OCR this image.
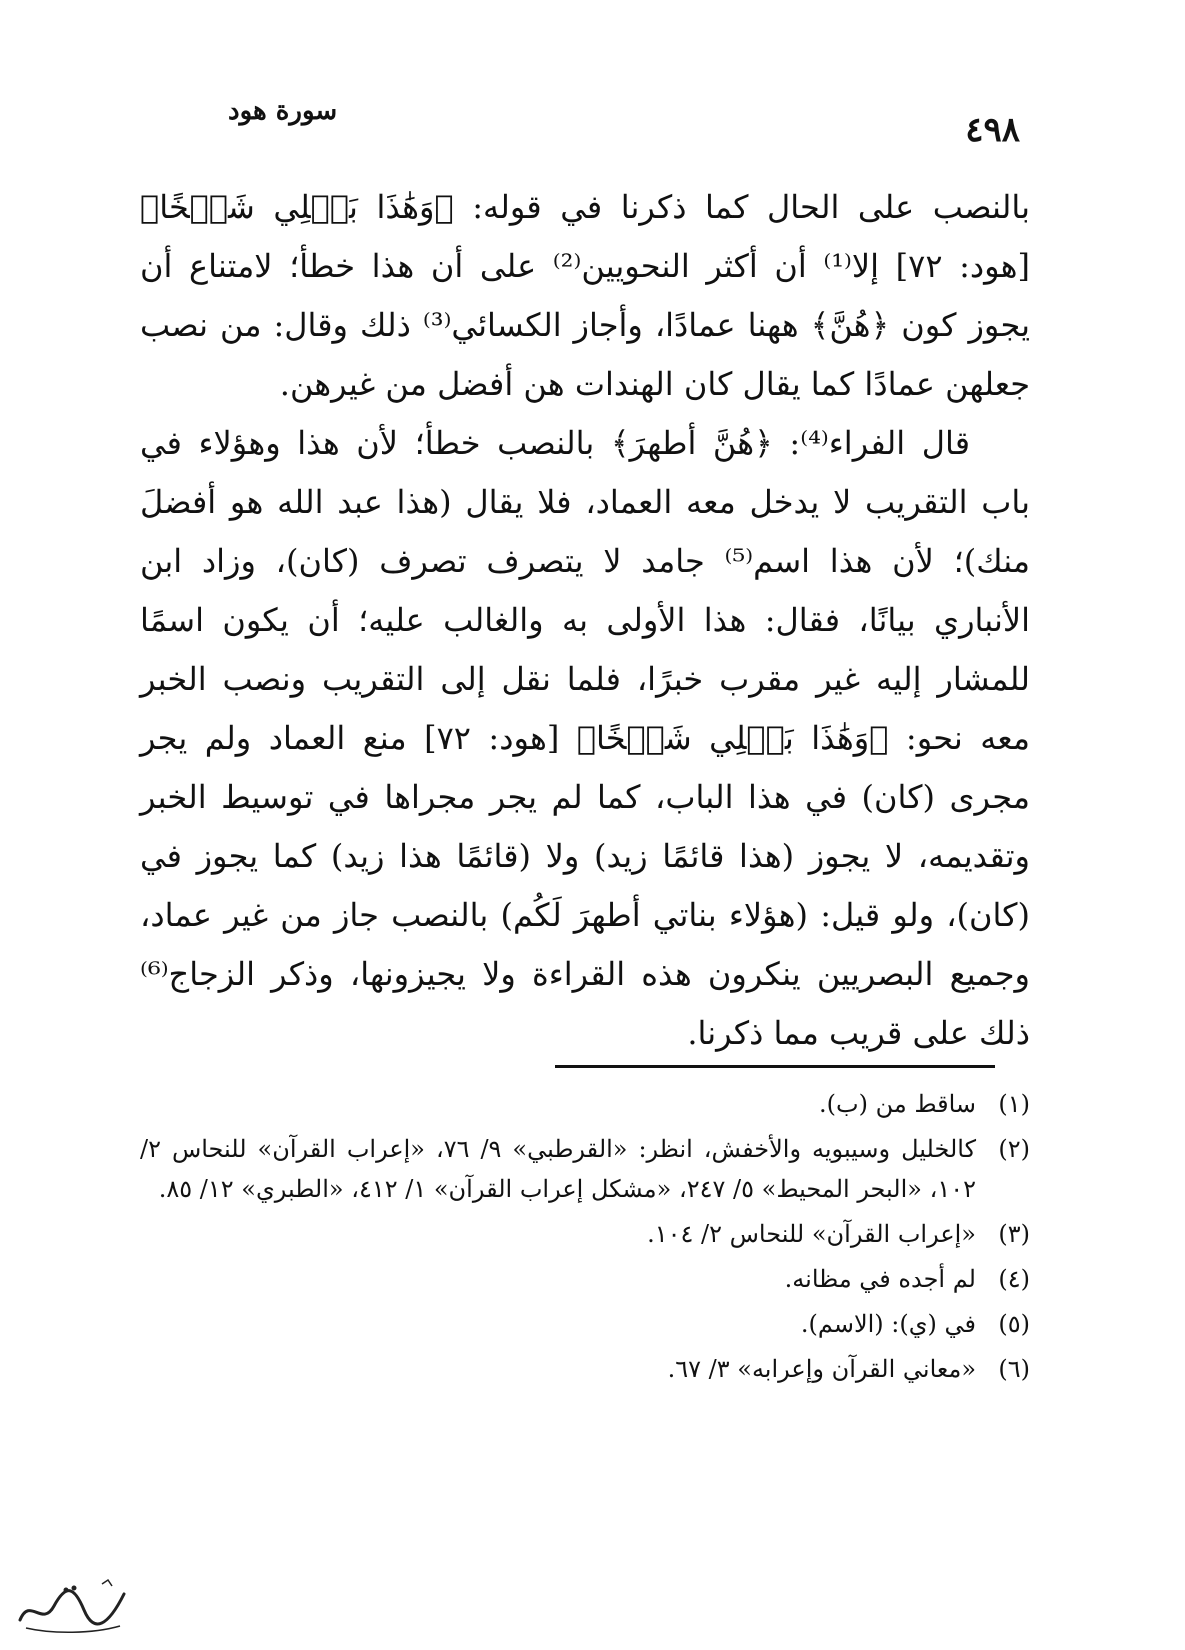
سورة هود	٤٩٨

بالنصب على الحال كما ذكرنا في قوله: ﴿وَهَٰذَا بَعۡلِي شَيۡخًا﴾ [هود: ٧٢] إلا⁽¹⁾ أن أكثر النحويين⁽²⁾ على أن هذا خطأ؛ لامتناع أن يجوز كون ﴿هُنَّ﴾ ههنا عمادًا، وأجاز الكسائي⁽³⁾ ذلك وقال: من نصب جعلهن عمادًا كما يقال كان الهندات هن أفضل من غيرهن.

قال الفراء⁽⁴⁾: ﴿هُنَّ أطهرَ﴾ بالنصب خطأ؛ لأن هذا وهؤلاء في باب التقريب لا يدخل معه العماد، فلا يقال (هذا عبد الله هو أفضلَ منك)؛ لأن هذا اسم⁽⁵⁾ جامد لا يتصرف تصرف (كان)، وزاد ابن الأنباري بيانًا، فقال: هذا الأولى به والغالب عليه؛ أن يكون اسمًا للمشار إليه غير مقرب خبرًا، فلما نقل إلى التقريب ونصب الخبر معه نحو: ﴿وَهَٰذَا بَعۡلِي شَيۡخًا﴾ [هود: ٧٢] منع العماد ولم يجر مجرى (كان) في هذا الباب، كما لم يجر مجراها في توسيط الخبر وتقديمه، لا يجوز (هذا قائمًا زيد) ولا (قائمًا هذا زيد) كما يجوز في (كان)، ولو قيل: (هؤلاء بناتي أطهرَ لَكُم) بالنصب جاز من غير عماد، وجميع البصريين ينكرون هذه القراءة ولا يجيزونها، وذكر الزجاج⁽⁶⁾ ذلك على قريب مما ذكرنا.

(١)
ساقط من (ب).
(٢)
كالخليل وسيبويه والأخفش، انظر: «القرطبي» ٩/ ٧٦، «إعراب القرآن» للنحاس ٢/ ١٠٢، «البحر المحيط» ٥/ ٢٤٧، «مشكل إعراب القرآن» ١/ ٤١٢، «الطبري» ١٢/ ٨٥.
(٣)
«إعراب القرآن» للنحاس ٢/ ١٠٤.
(٤)
لم أجده في مظانه.
(٥)
في (ي): (الاسم).
(٦)
«معاني القرآن وإعرابه» ٣/ ٦٧.
